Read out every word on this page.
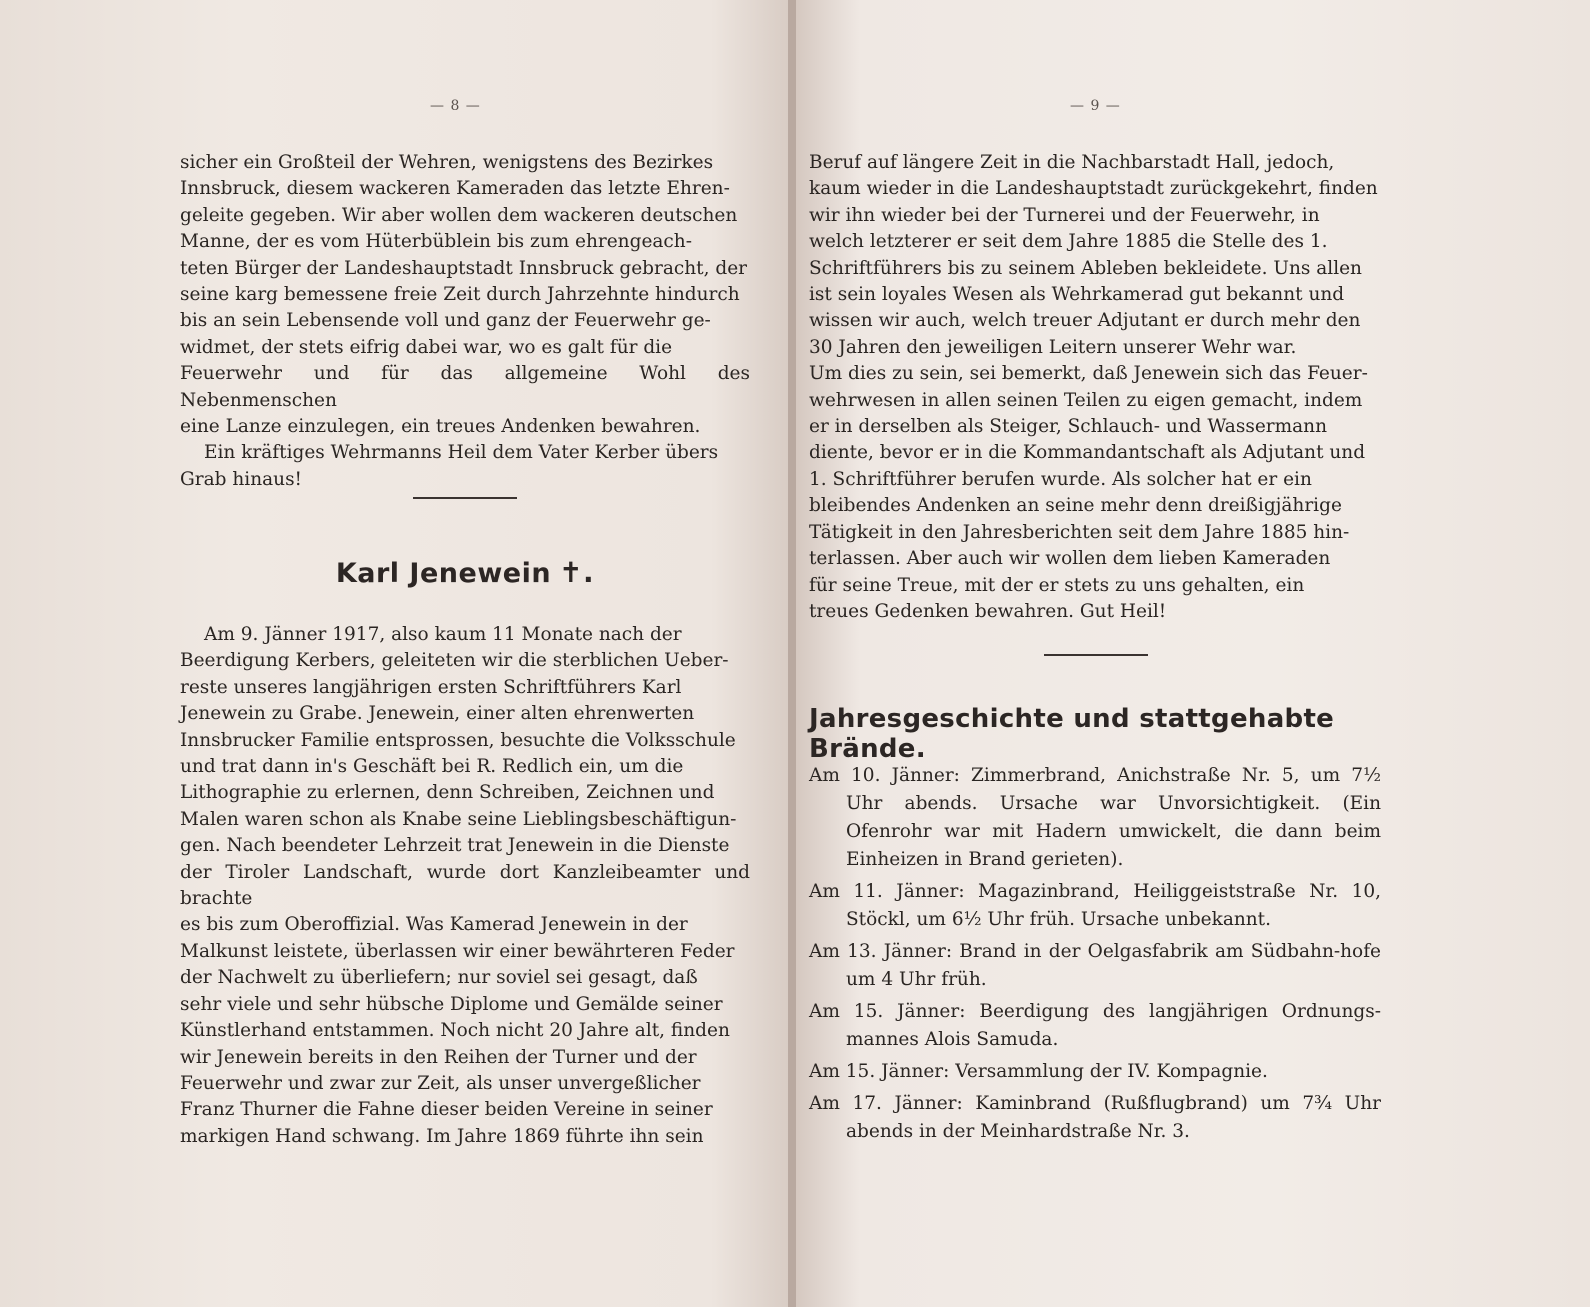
— 8 —

sicher ein Großteil der Wehren, wenigstens des Bezirkes

Innsbruck, diesem wackeren Kameraden das letzte Ehren-

geleite gegeben. Wir aber wollen dem wackeren deutschen

Manne, der es vom Hüterbüblein bis zum ehrengeach-

teten Bürger der Landeshauptstadt Innsbruck gebracht, der

seine karg bemessene freie Zeit durch Jahrzehnte hindurch

bis an sein Lebensende voll und ganz der Feuerwehr ge-

widmet, der stets eifrig dabei war, wo es galt für die

Feuerwehr und für das allgemeine Wohl des Nebenmenschen

eine Lanze einzulegen, ein treues Andenken bewahren.

Ein kräftiges Wehrmanns Heil dem Vater Kerber übers

Grab hinaus!

Karl Jenewein ✝.

Am 9. Jänner 1917, also kaum 11 Monate nach der

Beerdigung Kerbers, geleiteten wir die sterblichen Ueber-

reste unseres langjährigen ersten Schriftführers Karl

Jenewein zu Grabe. Jenewein, einer alten ehrenwerten

Innsbrucker Familie entsprossen, besuchte die Volksschule

und trat dann in's Geschäft bei R. Redlich ein, um die

Lithographie zu erlernen, denn Schreiben, Zeichnen und

Malen waren schon als Knabe seine Lieblingsbeschäftigun-

gen. Nach beendeter Lehrzeit trat Jenewein in die Dienste

der Tiroler Landschaft, wurde dort Kanzleibeamter und brachte

es bis zum Oberoffizial. Was Kamerad Jenewein in der

Malkunst leistete, überlassen wir einer bewährteren Feder

der Nachwelt zu überliefern; nur soviel sei gesagt, daß

sehr viele und sehr hübsche Diplome und Gemälde seiner

Künstlerhand entstammen. Noch nicht 20 Jahre alt, finden

wir Jenewein bereits in den Reihen der Turner und der

Feuerwehr und zwar zur Zeit, als unser unvergeßlicher

Franz Thurner die Fahne dieser beiden Vereine in seiner

markigen Hand schwang. Im Jahre 1869 führte ihn sein

— 9 —

Beruf auf längere Zeit in die Nachbarstadt Hall, jedoch,

kaum wieder in die Landeshauptstadt zurückgekehrt, finden

wir ihn wieder bei der Turnerei und der Feuerwehr, in

welch letzterer er seit dem Jahre 1885 die Stelle des 1.

Schriftführers bis zu seinem Ableben bekleidete. Uns allen

ist sein loyales Wesen als Wehrkamerad gut bekannt und

wissen wir auch, welch treuer Adjutant er durch mehr den

30 Jahren den jeweiligen Leitern unserer Wehr war.

Um dies zu sein, sei bemerkt, daß Jenewein sich das Feuer-

wehrwesen in allen seinen Teilen zu eigen gemacht, indem

er in derselben als Steiger, Schlauch- und Wassermann

diente, bevor er in die Kommandantschaft als Adjutant und

1. Schriftführer berufen wurde. Als solcher hat er ein

bleibendes Andenken an seine mehr denn dreißigjährige

Tätigkeit in den Jahresberichten seit dem Jahre 1885 hin-

terlassen. Aber auch wir wollen dem lieben Kameraden

für seine Treue, mit der er stets zu uns gehalten, ein

treues Gedenken bewahren. Gut Heil!

Jahresgeschichte und stattgehabte Brände.

Am 10. Jänner: Zimmerbrand, Anichstraße Nr. 5, um 7½ Uhr abends. Ursache war Unvorsichtigkeit. (Ein Ofenrohr war mit Hadern umwickelt, die dann beim Einheizen in Brand gerieten).

Am 11. Jänner: Magazinbrand, Heiliggeiststraße Nr. 10, Stöckl, um 6½ Uhr früh. Ursache unbekannt.

Am 13. Jänner: Brand in der Oelgasfabrik am Südbahn-hofe um 4 Uhr früh.

Am 15. Jänner: Beerdigung des langjährigen Ordnungs-mannes Alois Samuda.

Am 15. Jänner: Versammlung der IV. Kompagnie.

Am 17. Jänner: Kaminbrand (Rußflugbrand) um 7¾ Uhr abends in der Meinhardstraße Nr. 3.
